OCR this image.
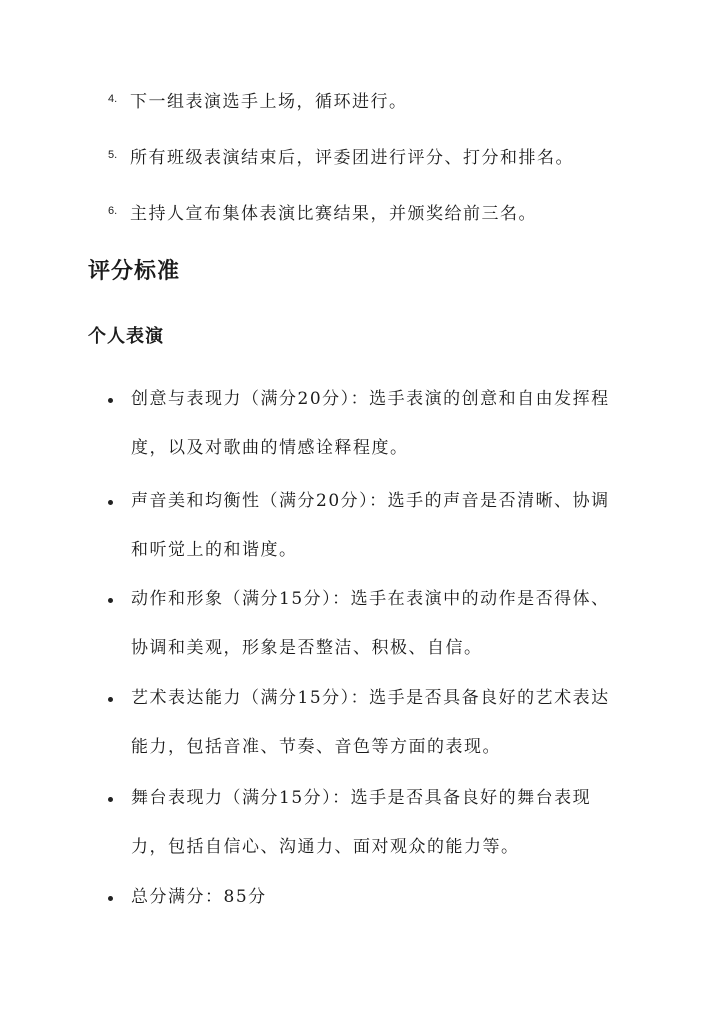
4. 下一组表演选手上场，循环进行。
5. 所有班级表演结束后，评委团进行评分、打分和排名。
6. 主持人宣布集体表演比赛结果，并颁奖给前三名。
评分标准
个人表演
创意与表现力（满分20分）：选手表演的创意和自由发挥程度，以及对歌曲的情感诠释程度。
声音美和均衡性（满分20分）：选手的声音是否清晰、协调和听觉上的和谐度。
动作和形象（满分15分）：选手在表演中的动作是否得体、协调和美观，形象是否整洁、积极、自信。
艺术表达能力（满分15分）：选手是否具备良好的艺术表达能力，包括音准、节奏、音色等方面的表现。
舞台表现力（满分15分）：选手是否具备良好的舞台表现力，包括自信心、沟通力、面对观众的能力等。
总分满分：85分
